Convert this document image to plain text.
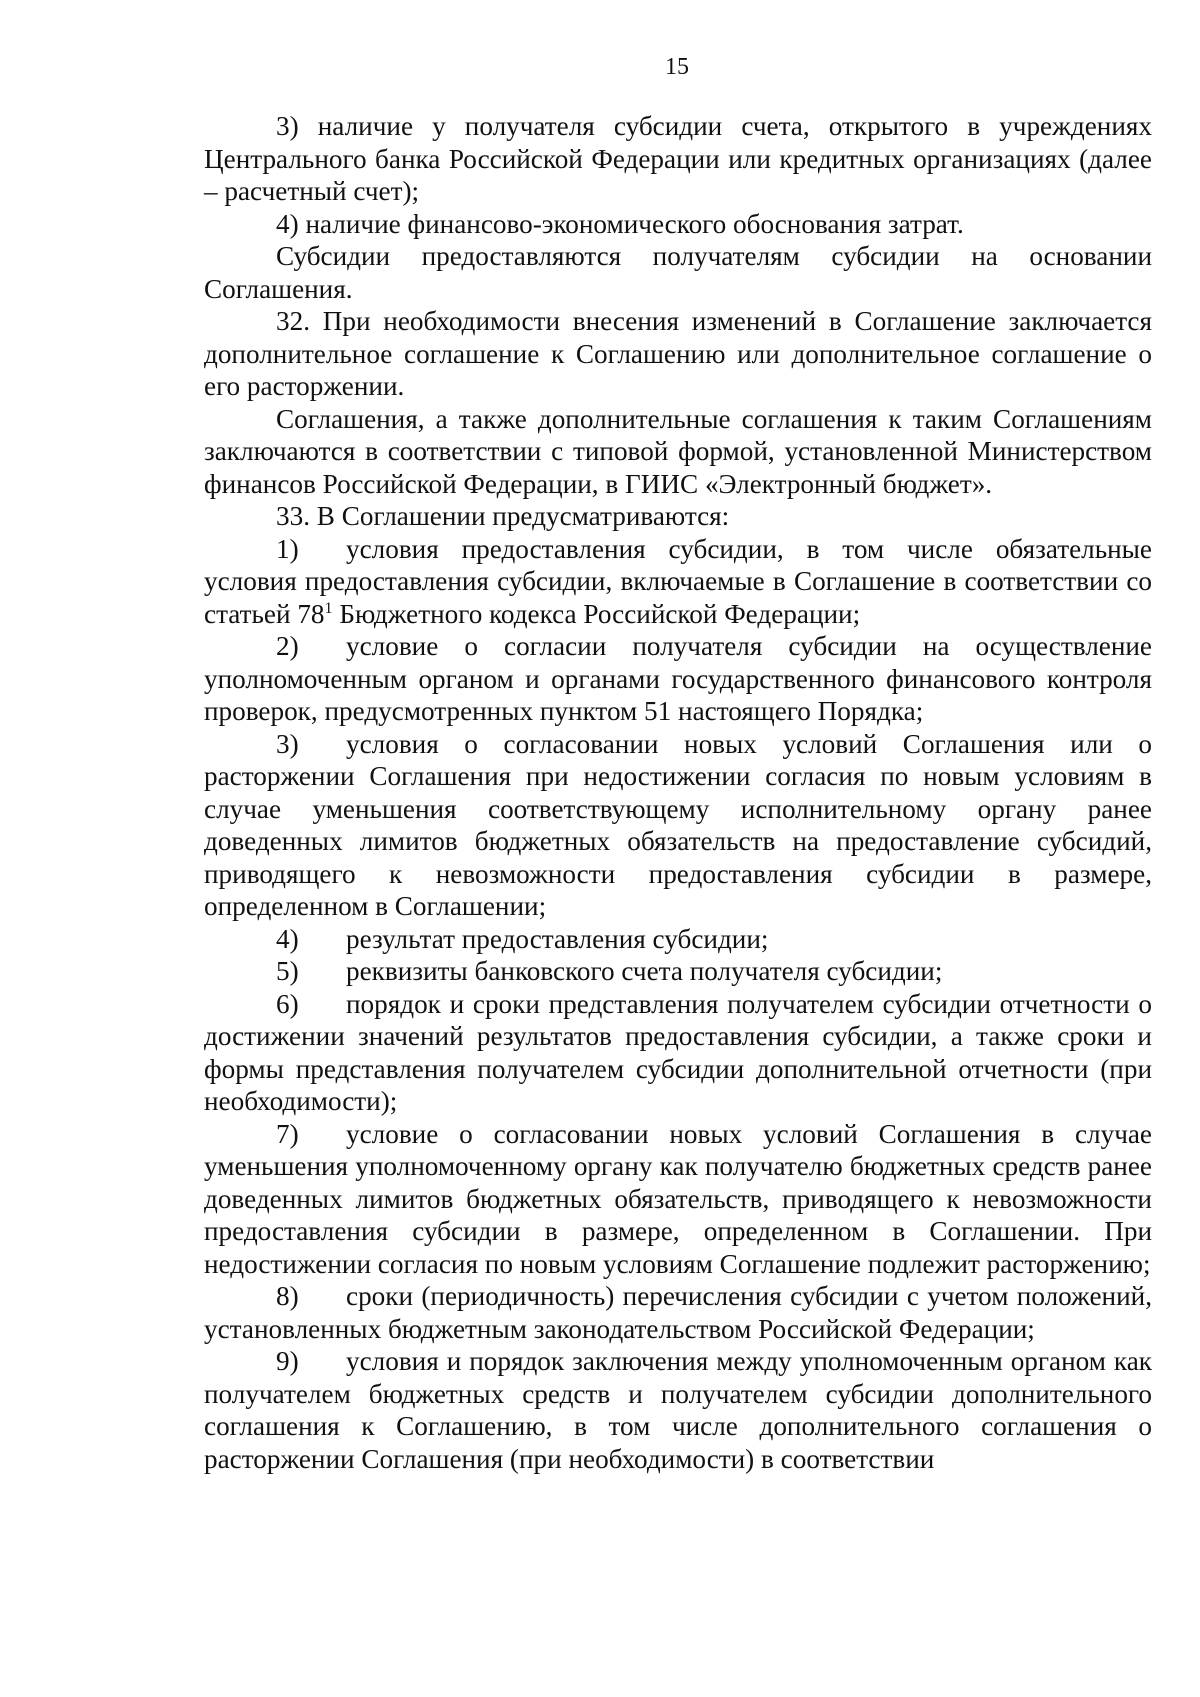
15

3) наличие у получателя субсидии счета, открытого в учреждениях Центрального банка Российской Федерации или кредитных организациях (далее – расчетный счет);

4) наличие финансово-экономического обоснования затрат.

Субсидии предоставляются получателям субсидии на основании Соглашения.

32. При необходимости внесения изменений в Соглашение заключается дополнительное соглашение к Соглашению или дополнительное соглашение о его расторжении.

Соглашения, а также дополнительные соглашения к таким Соглашениям заключаются в соответствии с типовой формой, установленной Министерством финансов Российской Федерации, в ГИИС «Электронный бюджет».

33. В Соглашении предусматриваются:

1) условия предоставления субсидии, в том числе обязательные условия предоставления субсидии, включаемые в Соглашение в соответствии со статьей $78^1$ Бюджетного кодекса Российской Федерации;

2) условие о согласии получателя субсидии на осуществление уполномоченным органом и органами государственного финансового контроля проверок, предусмотренных пунктом 51 настоящего Порядка;

3) условия о согласовании новых условий Соглашения или о расторжении Соглашения при недостижении согласия по новым условиям в случае уменьшения соответствующему исполнительному органу ранее доведенных лимитов бюджетных обязательств на предоставление субсидий, приводящего к невозможности предоставления субсидии в размере, определенном в Соглашении;

4) результат предоставления субсидии;

5) реквизиты банковского счета получателя субсидии;

6) порядок и сроки представления получателем субсидии отчетности о достижении значений результатов предоставления субсидии, а также сроки и формы представления получателем субсидии дополнительной отчетности (при необходимости);

7) условие о согласовании новых условий Соглашения в случае уменьшения уполномоченному органу как получателю бюджетных средств ранее доведенных лимитов бюджетных обязательств, приводящего к невозможности предоставления субсидии в размере, определенном в Соглашении. При недостижении согласия по новым условиям Соглашение подлежит расторжению;

8) сроки (периодичность) перечисления субсидии с учетом положений, установленных бюджетным законодательством Российской Федерации;

9) условия и порядок заключения между уполномоченным органом как получателем бюджетных средств и получателем субсидии дополнительного соглашения к Соглашению, в том числе дополнительного соглашения о расторжении Соглашения (при необходимости) в соответствии
